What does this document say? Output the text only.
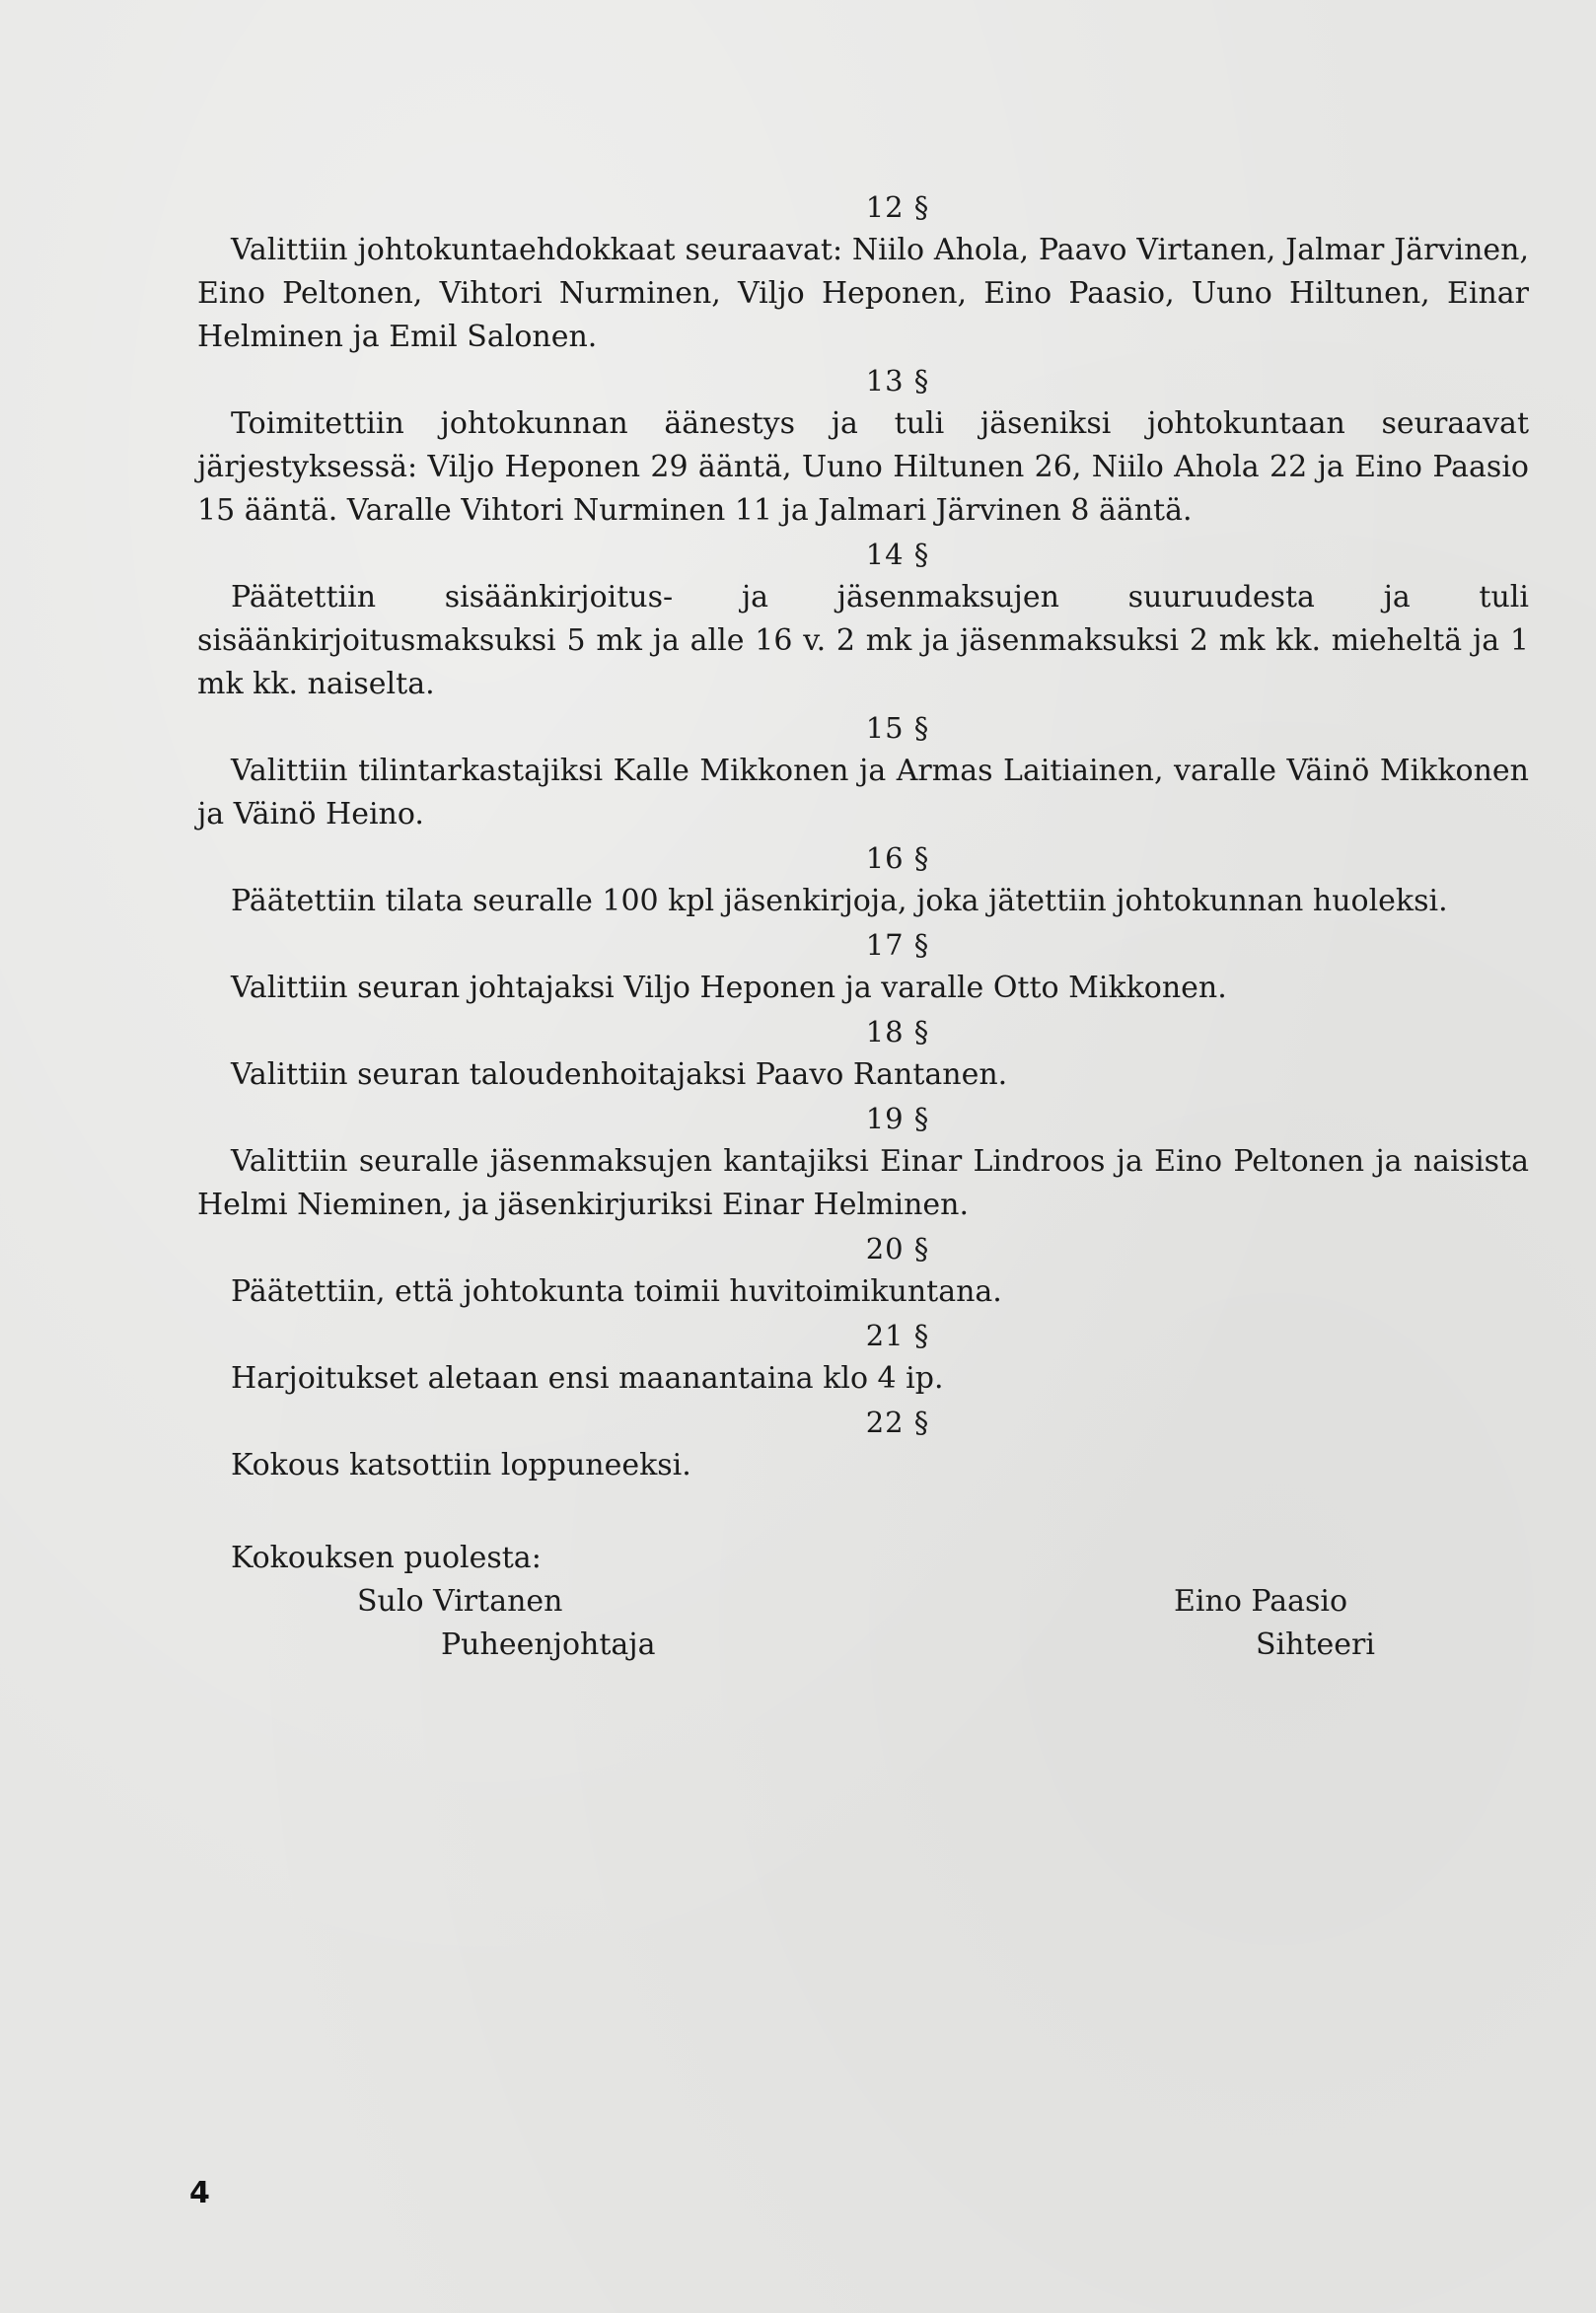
12 §

Valittiin johtokuntaehdokkaat seuraavat: Niilo Ahola, Paavo Virtanen, Jalmar Järvinen, Eino Peltonen, Vihtori Nurminen, Viljo Heponen, Eino Paasio, Uuno Hiltunen, Einar Helminen ja Emil Salonen.

13 §

Toimitettiin johtokunnan äänestys ja tuli jäseniksi johtokuntaan seuraavat järjestyksessä: Viljo Heponen 29 ääntä, Uuno Hiltunen 26, Niilo Ahola 22 ja Eino Paasio 15 ääntä. Varalle Vihtori Nurminen 11 ja Jalmari Järvinen 8 ääntä.

14 §

Päätettiin sisäänkirjoitus- ja jäsenmaksujen suuruudesta ja tuli sisäänkirjoitusmaksuksi 5 mk ja alle 16 v. 2 mk ja jäsenmaksuksi 2 mk kk. mieheltä ja 1 mk kk. naiselta.

15 §

Valittiin tilintarkastajiksi Kalle Mikkonen ja Armas Laitiainen, varalle Väinö Mikkonen ja Väinö Heino.

16 §

Päätettiin tilata seuralle 100 kpl jäsenkirjoja, joka jätettiin johtokunnan huoleksi.

17 §

Valittiin seuran johtajaksi Viljo Heponen ja varalle Otto Mikkonen.

18 §

Valittiin seuran taloudenhoitajaksi Paavo Rantanen.

19 §

Valittiin seuralle jäsenmaksujen kantajiksi Einar Lindroos ja Eino Peltonen ja naisista Helmi Nieminen, ja jäsenkirjuriksi Einar Helminen.

20 §

Päätettiin, että johtokunta toimii huvitoimikuntana.

21 §

Harjoitukset aletaan ensi maanantaina klo 4 ip.

22 §

Kokous katsottiin loppuneeksi.

Kokouksen puolesta:
Sulo Virtanen	Eino Paasio
Puheenjohtaja	Sihteeri
4
